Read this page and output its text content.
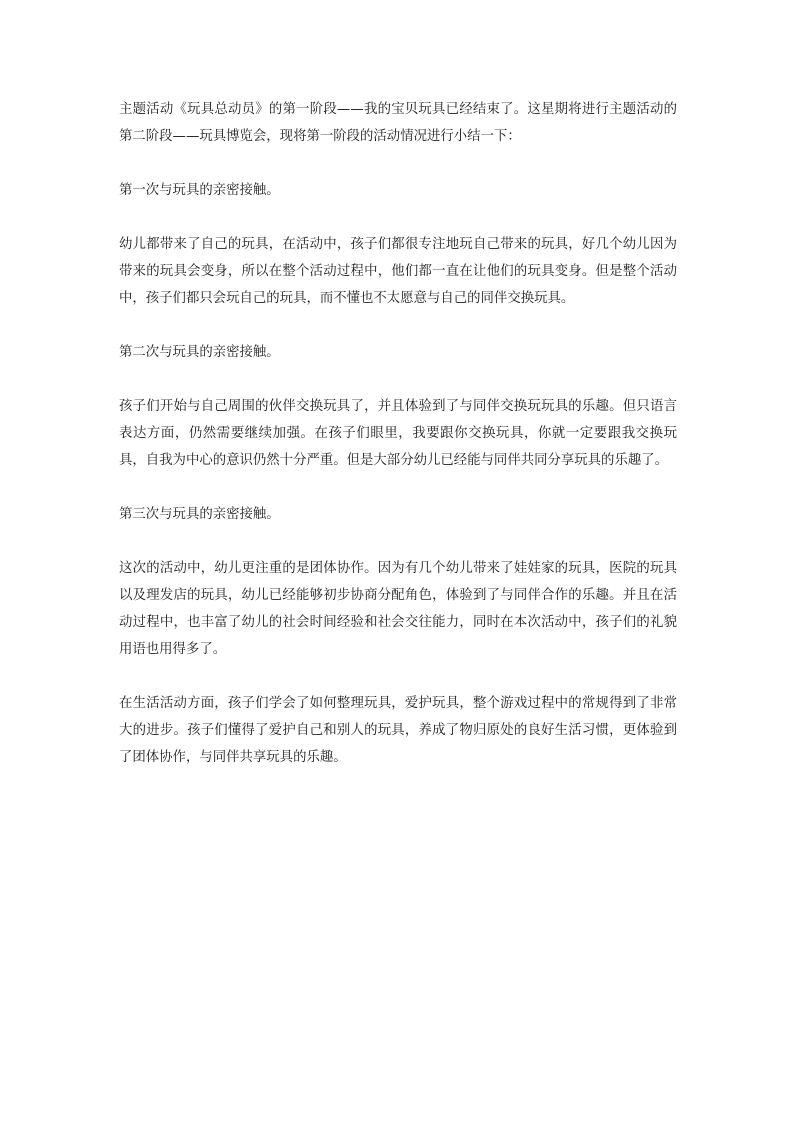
主题活动《玩具总动员》的第一阶段——我的宝贝玩具已经结束了。这星期将进行主题活动的第二阶段——玩具博览会，现将第一阶段的活动情况进行小结一下：

第一次与玩具的亲密接触。

幼儿都带来了自己的玩具，在活动中，孩子们都很专注地玩自己带来的玩具，好几个幼儿因为带来的玩具会变身，所以在整个活动过程中，他们都一直在让他们的玩具变身。但是整个活动中，孩子们都只会玩自己的玩具，而不懂也不太愿意与自己的同伴交换玩具。

第二次与玩具的亲密接触。

孩子们开始与自己周围的伙伴交换玩具了，并且体验到了与同伴交换玩玩具的乐趣。但只语言表达方面，仍然需要继续加强。在孩子们眼里，我要跟你交换玩具，你就一定要跟我交换玩具，自我为中心的意识仍然十分严重。但是大部分幼儿已经能与同伴共同分享玩具的乐趣了。

第三次与玩具的亲密接触。

这次的活动中，幼儿更注重的是团体协作。因为有几个幼儿带来了娃娃家的玩具，医院的玩具以及理发店的玩具，幼儿已经能够初步协商分配角色，体验到了与同伴合作的乐趣。并且在活动过程中，也丰富了幼儿的社会时间经验和社会交往能力，同时在本次活动中，孩子们的礼貌用语也用得多了。

在生活活动方面，孩子们学会了如何整理玩具，爱护玩具，整个游戏过程中的常规得到了非常大的进步。孩子们懂得了爱护自己和别人的玩具，养成了物归原处的良好生活习惯，更体验到了团体协作，与同伴共享玩具的乐趣。
